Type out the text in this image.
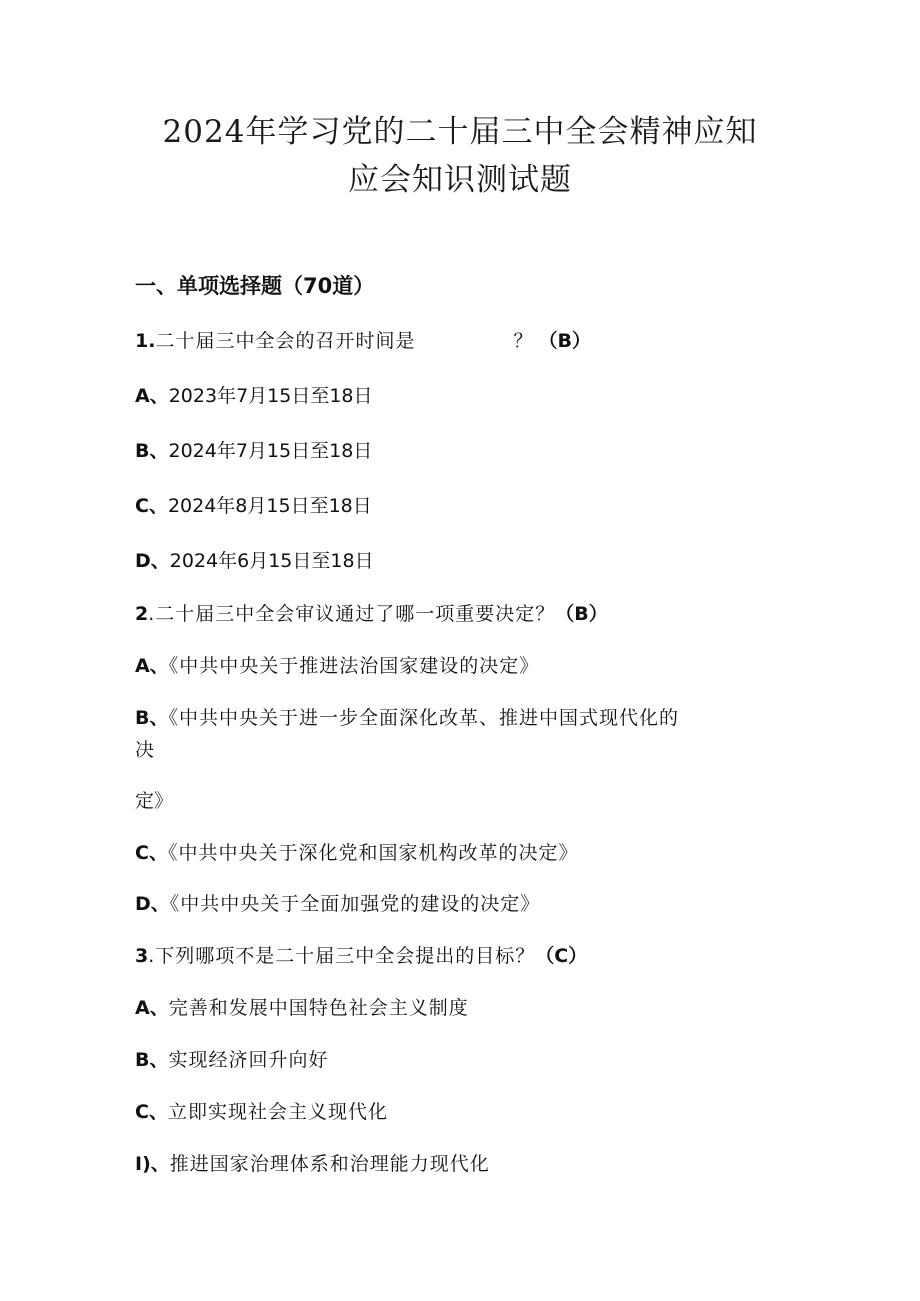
2024年学习党的二十届三中全会精神应知
应会知识测试题
一、单项选择题（70道）
1.二十届三中全会的召开时间是	？ （B）
A、2023年7月15日至18日
B、2024年7月15日至18日
C、2024年8月15日至18日
D、2024年6月15日至18日
2.二十届三中全会审议通过了哪一项重要决定？（B）
A、《中共中央关于推进法治国家建设的决定》
B、《中共中央关于进一步全面深化改革、推进中国式现代化的
决
定》
C、《中共中央关于深化党和国家机构改革的决定》
D、《中共中央关于全面加强党的建设的决定》
3.下列哪项不是二十届三中全会提出的目标？（C）
A、完善和发展中国特色社会主义制度
B、实现经济回升向好
C、立即实现社会主义现代化
I)、推进国家治理体系和治理能力现代化
